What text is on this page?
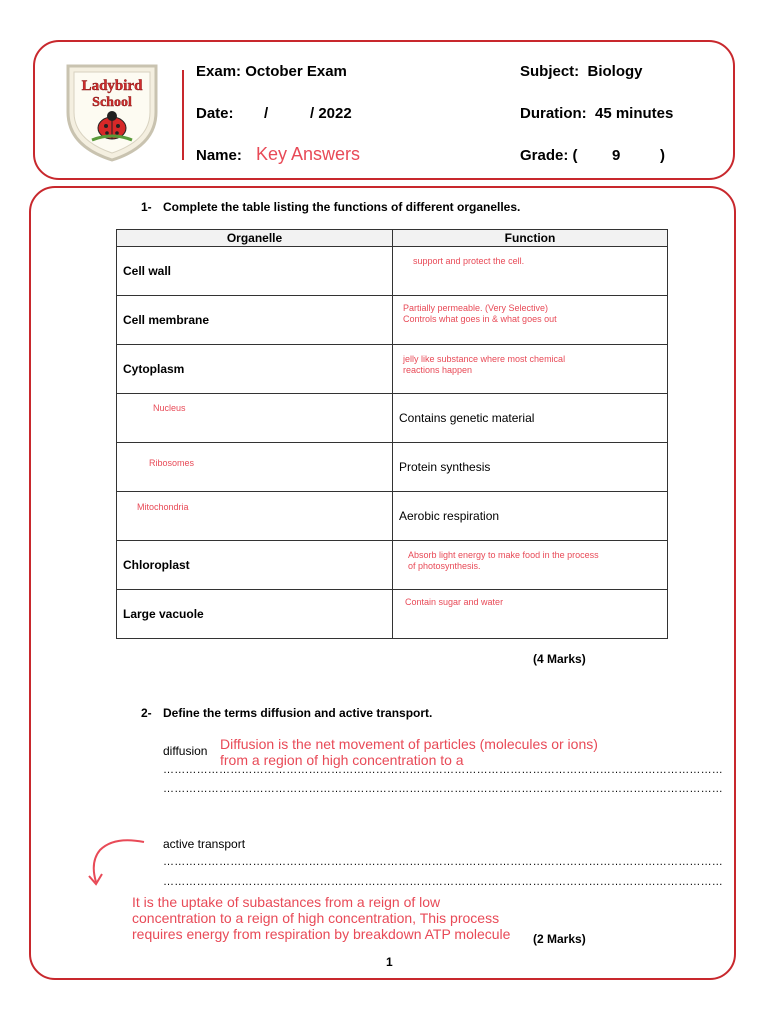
Ladybird
School
Exam: October Exam	Subject:  Biology
Date: /	/ 2022	Duration:  45 minutes
Name: Key Answers	Grade: ( 9	)
1- Complete the table listing the functions of different organelles.
Organelle	Function
Cell wall	support and protect the cell.

Cell membrane	Partially permeable. (Very Selective)
Controls what goes in & what goes out

Cytoplasm	jelly like substance where most chemical
reactions happen

Nucleus	Contains genetic material

Ribosomes	Protein synthesis

Mitochondria	Aerobic respiration
Chloroplast	Absorb light energy to make food in the process
of photosynthesis.

Large vacuole	Contain sugar and water
(4 Marks)
2- Define the terms diffusion and active transport.
diffusion Diffusion is the net movement of particles (molecules or ions) from a region of high concentration to a
……………………………………………………………………………………………………………………………………
……………………………………………………………………………………………………………………………………
active transport
……………………………………………………………………………………………………………………………………
……………………………………………………………………………………………………………………………………
It is the uptake of subastances from a reign of low concentration to a reign of high concentration, This process requires energy from respiration by breakdown ATP molecule	(2 Marks)
1
